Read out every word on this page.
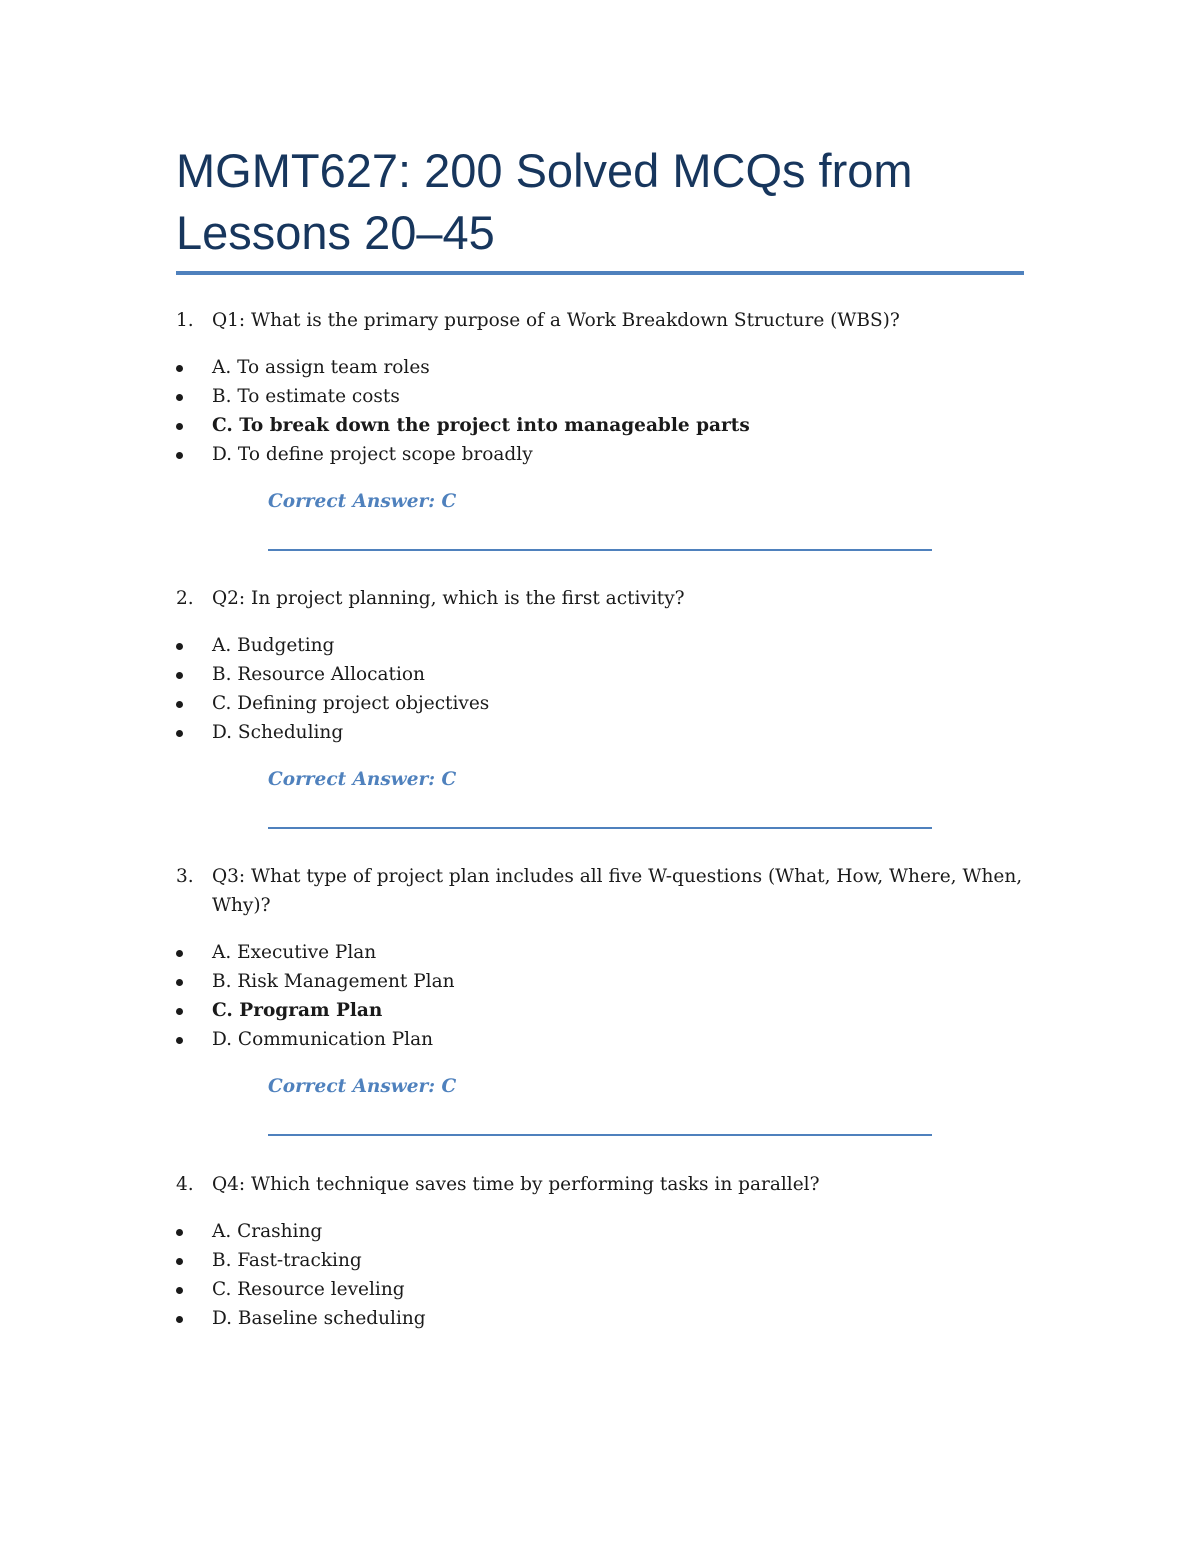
MGMT627: 200 Solved MCQs from Lessons 20–45

1. Q1: What is the primary purpose of a Work Breakdown Structure (WBS)?

A. To assign team roles
B. To estimate costs
C. To break down the project into manageable parts
D. To define project scope broadly
Correct Answer: C

2. Q2: In project planning, which is the first activity?

A. Budgeting
B. Resource Allocation
C. Defining project objectives
D. Scheduling
Correct Answer: C

3. Q3: What type of project plan includes all five W-questions (What, How, Where, When, Why)?

A. Executive Plan
B. Risk Management Plan
C. Program Plan
D. Communication Plan
Correct Answer: C

4. Q4: Which technique saves time by performing tasks in parallel?

A. Crashing
B. Fast-tracking
C. Resource leveling
D. Baseline scheduling
